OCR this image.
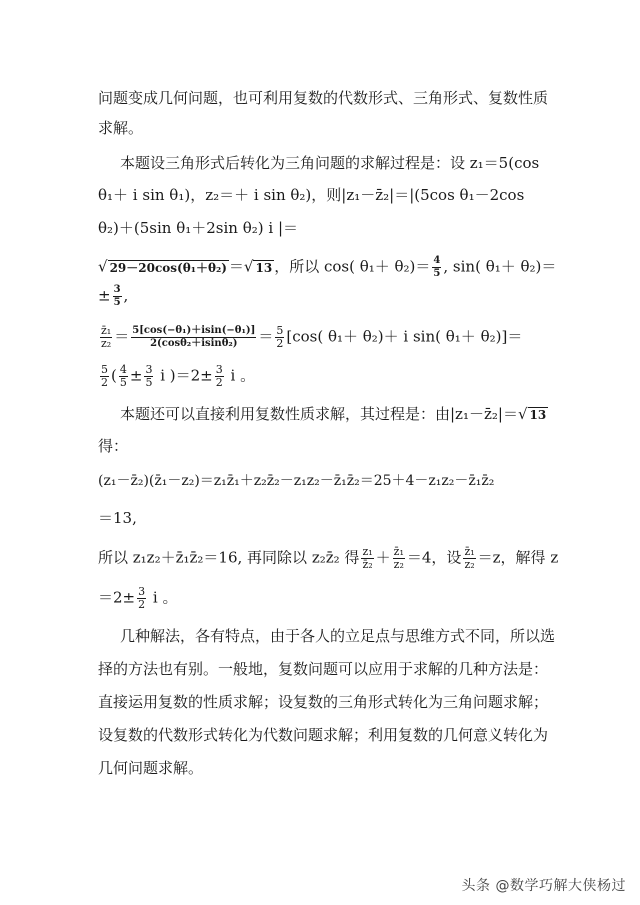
问题变成几何问题，也可利用复数的代数形式、三角形式、复数性质
求解。
本题设三角形式后转化为三角问题的求解过程是：设 z₁＝5(cos
θ₁＋ i sin θ₁)，z₂＝＋ i sin θ₂)，则|z₁－z̄₂|＝|(5cos θ₁－2cos
θ₂)＋(5sin θ₁＋2sin θ₂) i |＝
√ 29－20cos(θ₁＋θ₂) ＝√ 13 ，所以 cos( $\theta_1+ \theta_2)= \frac{4}{5}$ , sin( θ₁＋ θ₂)＝
± $\frac{3}{5}$ ,
$\frac{\text{z̄₁}}{\text{z₂}} = \frac{\text{5[cos(−θ₁)＋isin(−θ₁)]}}{\text{2(cosθ₂＋isinθ₂)}} = \frac{5}{2} [\cos$( θ₁＋ θ₂)＋ i sin( θ₁＋ θ₂)]＝
$\frac{5}{2}$ ( $\frac{4}{5} \pm \frac{3}{5}$ i )$=2\pm \frac{3}{2}$ i 。
本题还可以直接利用复数性质求解，其过程是：由|z₁－z̄₂|＝√ 13
得：
(z₁－z̄₂)(z̄₁－z₂)＝z₁z̄₁＋z₂z̄₂－z₁z₂－z̄₁z̄₂＝25＋4－z₁z₂－z̄₁z̄₂
＝13,
所以 z₁z₂＋z̄₁z̄₂＝16, 再同除以 z₂z̄₂ 得 $\frac{\text{z₁}}{\text{z̄₂}} + \frac{\text{z̄₁}}{\text{z₂}} =4$，设 $\frac{\text{z̄₁}}{\text{z₂}} =z$，解得 z
$=2\pm \frac{3}{2}$ i 。
几种解法，各有特点，由于各人的立足点与思维方式不同，所以选
择的方法也有别。一般地，复数问题可以应用于求解的几种方法是：
直接运用复数的性质求解；设复数的三角形式转化为三角问题求解；
设复数的代数形式转化为代数问题求解；利用复数的几何意义转化为
几何问题求解。
头条 @数学巧解大侠杨过
